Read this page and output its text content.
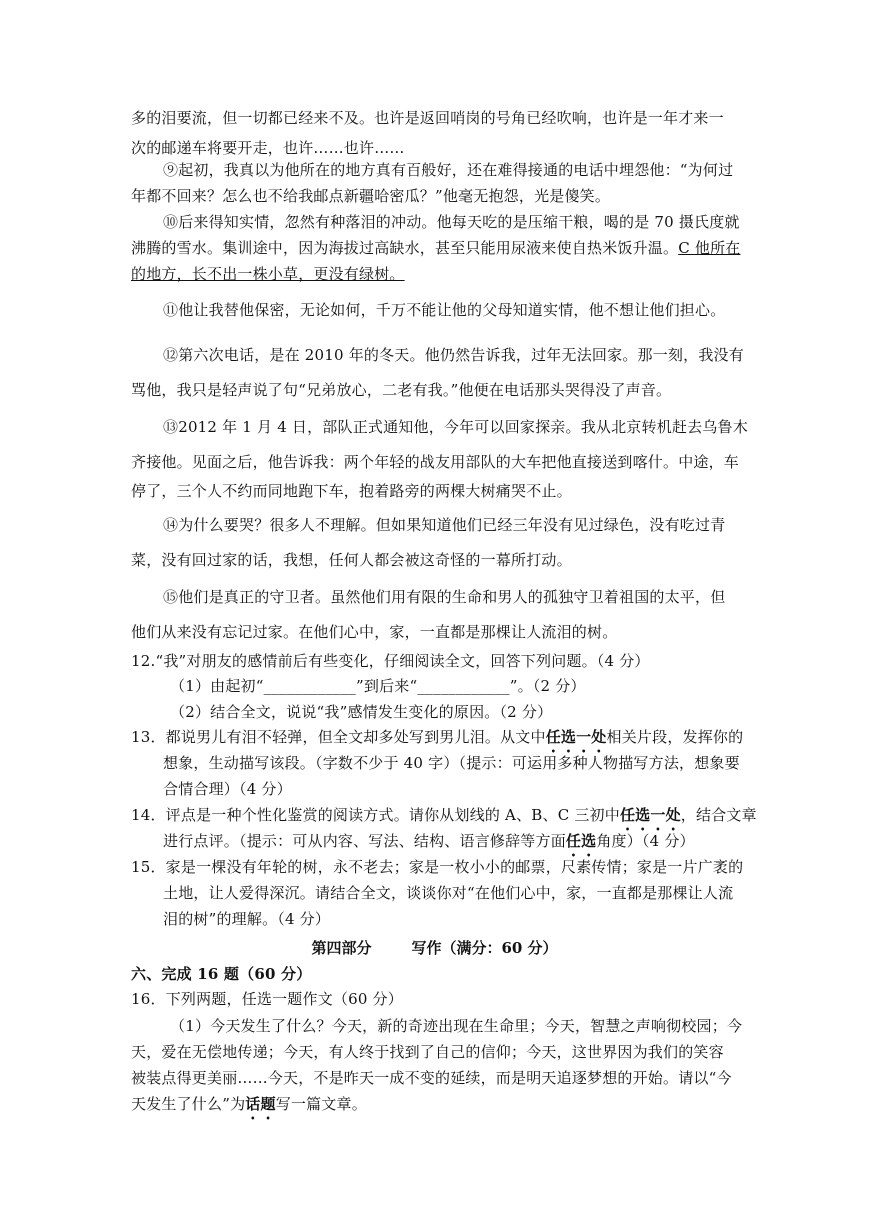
多的泪要流，但一切都已经来不及。也许是返回哨岗的号角已经吹响，也许是一年才来一
次的邮递车将要开走，也许……也许……
⑨起初，我真以为他所在的地方真有百般好，还在难得接通的电话中埋怨他：“为何过
年都不回来？怎么也不给我邮点新疆哈密瓜？”他毫无抱怨，光是傻笑。
⑩后来得知实情，忽然有种落泪的冲动。他每天吃的是压缩干粮，喝的是 70 摄氏度就
沸腾的雪水。集训途中，因为海拔过高缺水，甚至只能用尿液来使自热米饭升温。C 他所在
的地方，长不出一株小草，更没有绿树。
⑪他让我替他保密，无论如何，千万不能让他的父母知道实情，他不想让他们担心。
⑫第六次电话，是在 2010 年的冬天。他仍然告诉我，过年无法回家。那一刻，我没有
骂他，我只是轻声说了句“兄弟放心，二老有我。”他便在电话那头哭得没了声音。
⑬2012 年 1 月 4 日，部队正式通知他，今年可以回家探亲。我从北京转机赶去乌鲁木
齐接他。见面之后，他告诉我：两个年轻的战友用部队的大车把他直接送到喀什。中途，车
停了，三个人不约而同地跑下车，抱着路旁的两棵大树痛哭不止。
⑭为什么要哭？很多人不理解。但如果知道他们已经三年没有见过绿色，没有吃过青
菜，没有回过家的话，我想，任何人都会被这奇怪的一幕所打动。
⑮他们是真正的守卫者。虽然他们用有限的生命和男人的孤独守卫着祖国的太平，但
他们从来没有忘记过家。在他们心中，家，一直都是那棵让人流泪的树。
12.“我”对朋友的感情前后有些变化，仔细阅读全文，回答下列问题。（4 分）
（1）由起初“____________”到后来“____________”。（2 分）
（2）结合全文，说说“我”感情发生变化的原因。（2 分）
13．都说男儿有泪不轻弹，但全文却多处写到男儿泪。从文中任选一处相关片段，发挥你的
想象，生动描写该段。（字数不少于 40 字）（提示：可运用多种人物描写方法，想象要
合情合理）（4 分）
14．评点是一种个性化鉴赏的阅读方式。请你从划线的 A、B、C 三初中任选一处，结合文章
进行点评。（提示：可从内容、写法、结构、语言修辞等方面任选角度）（4 分）
15．家是一棵没有年轮的树，永不老去；家是一枚小小的邮票，尺素传情；家是一片广袤的
土地，让人爱得深沉。请结合全文，谈谈你对“在他们心中，家，一直都是那棵让人流
泪的树”的理解。（4 分）
第四部分	写作（满分：60 分）
六、完成 16 题（60 分）
16．下列两题，任选一题作文（60 分）
（1）今天发生了什么？今天，新的奇迹出现在生命里；今天，智慧之声响彻校园；今
天，爱在无偿地传递；今天，有人终于找到了自己的信仰；今天，这世界因为我们的笑容
被装点得更美丽……今天，不是昨天一成不变的延续，而是明天追逐梦想的开始。请以“今
天发生了什么”为话题写一篇文章。
